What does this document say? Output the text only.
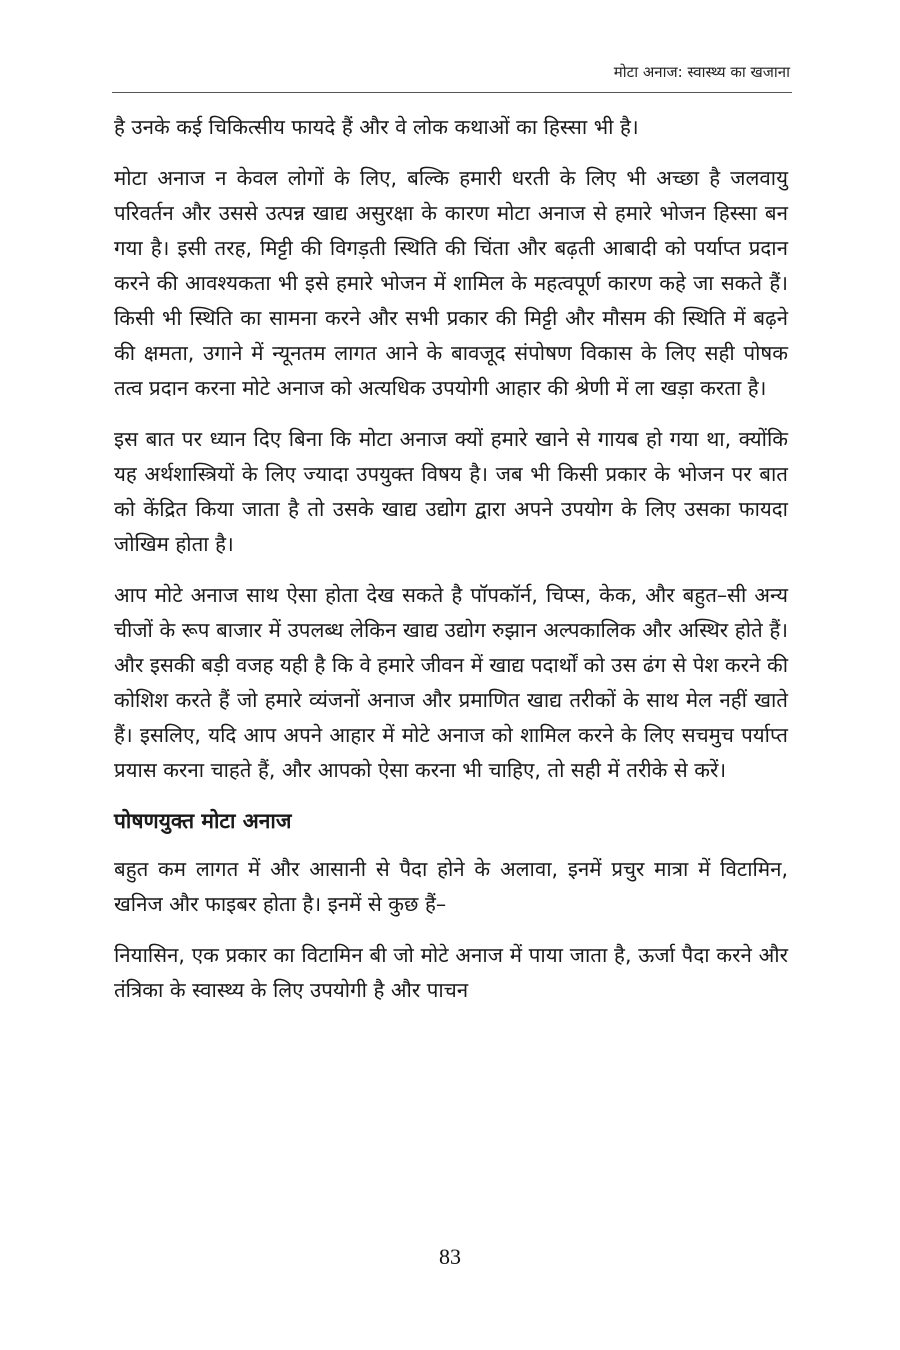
मोटा अनाज: स्वास्थ्य का खजाना

है उनके कई चिकित्सीय फायदे हैं और वे लोक कथाओं का हिस्सा भी है।

मोटा अनाज न केवल लोगों के लिए, बल्कि हमारी धरती के लिए भी अच्छा है जलवायु परिवर्तन और उससे उत्पन्न खाद्य असुरक्षा के कारण मोटा अनाज से हमारे भोजन हिस्सा बन गया है। इसी तरह, मिट्टी की विगड़ती स्थिति की चिंता और बढ़ती आबादी को पर्याप्त प्रदान करने की आवश्यकता भी इसे हमारे भोजन में शामिल के महत्वपूर्ण कारण कहे जा सकते हैं। किसी भी स्थिति का सामना करने और सभी प्रकार की मिट्टी और मौसम की स्थिति में बढ़ने की क्षमता, उगाने में न्यूनतम लागत आने के बावजूद संपोषण विकास के लिए सही पोषक तत्व प्रदान करना मोटे अनाज को अत्यधिक उपयोगी आहार की श्रेणी में ला खड़ा करता है।

इस बात पर ध्यान दिए बिना कि मोटा अनाज क्यों हमारे खाने से गायब हो गया था, क्योंकि यह अर्थशास्त्रियों के लिए ज्यादा उपयुक्त विषय है। जब भी किसी प्रकार के भोजन पर बात को केंद्रित किया जाता है तो उसके खाद्य उद्योग द्वारा अपने उपयोग के लिए उसका फायदा जोखिम होता है।

आप मोटे अनाज साथ ऐसा होता देख सकते है पॉपकॉर्न, चिप्स, केक, और बहुत–सी अन्य चीजों के रूप बाजार में उपलब्ध लेकिन खाद्य उद्योग रुझान अल्पकालिक और अस्थिर होते हैं। और इसकी बड़ी वजह यही है कि वे हमारे जीवन में खाद्य पदार्थों को उस ढंग से पेश करने की कोशिश करते हैं जो हमारे व्यंजनों अनाज और प्रमाणित खाद्य तरीकों के साथ मेल नहीं खाते हैं। इसलिए, यदि आप अपने आहार में मोटे अनाज को शामिल करने के लिए सचमुच पर्याप्त प्रयास करना चाहते हैं, और आपको ऐसा करना भी चाहिए, तो सही में तरीके से करें।

पोषणयुक्त मोटा अनाज

बहुत कम लागत में और आसानी से पैदा होने के अलावा, इनमें प्रचुर मात्रा में विटामिन, खनिज और फाइबर होता है। इनमें से कुछ हैं–

नियासिन, एक प्रकार का विटामिन बी जो मोटे अनाज में पाया जाता है, ऊर्जा पैदा करने और तंत्रिका के स्वास्थ्य के लिए उपयोगी है और पाचन

83
